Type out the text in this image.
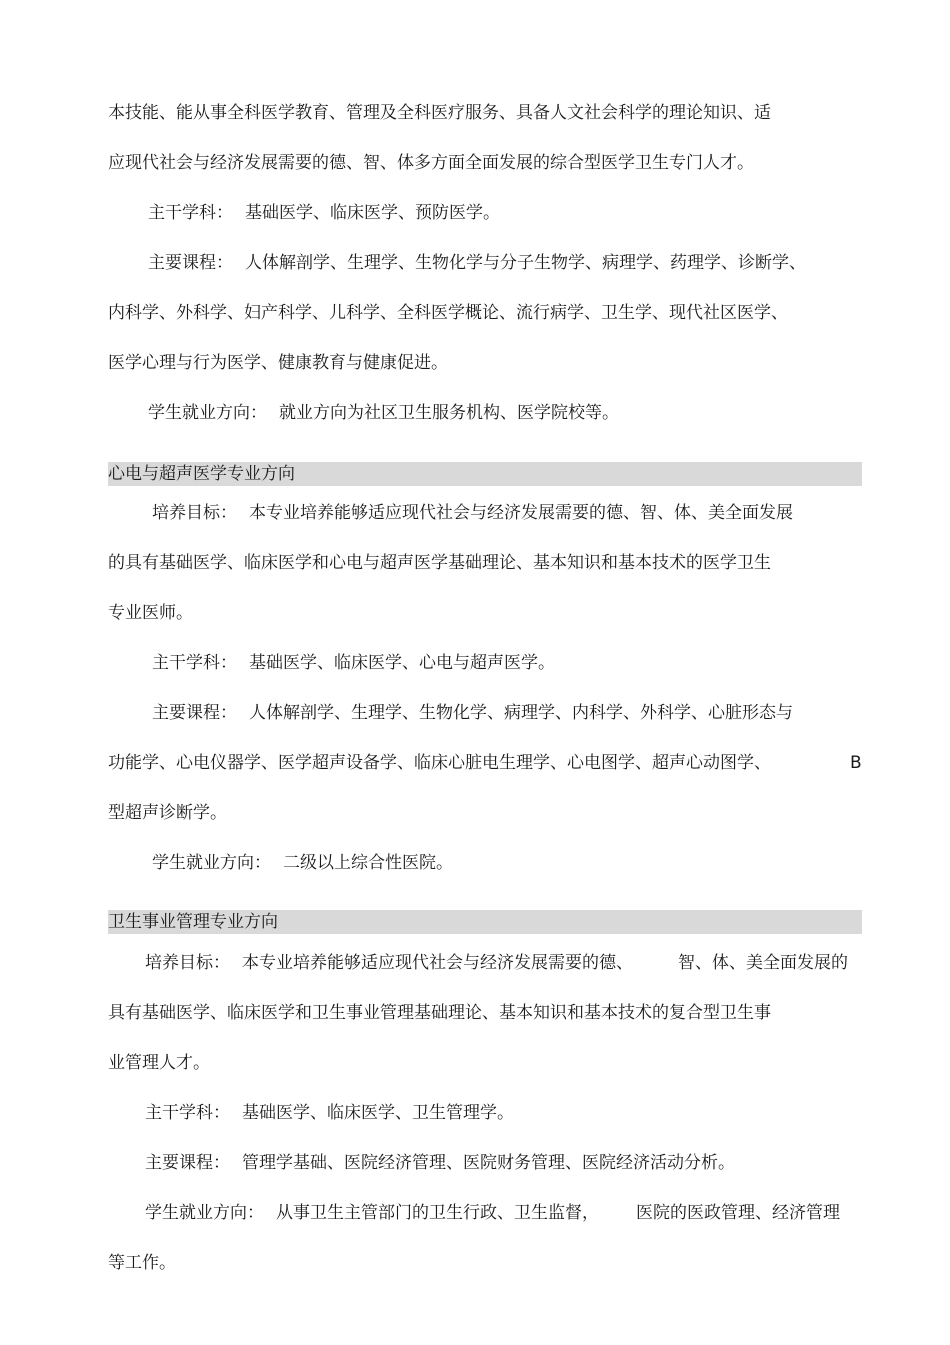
本技能、能从事全科医学教育、管理及全科医疗服务、具备人文社会科学的理论知识、适
应现代社会与经济发展需要的德、智、体多方面全面发展的综合型医学卫生专门人才。
主干学科： 基础医学、临床医学、预防医学。
主要课程： 人体解剖学、生理学、生物化学与分子生物学、病理学、药理学、诊断学、
内科学、外科学、妇产科学、儿科学、全科医学概论、流行病学、卫生学、现代社区医学、
医学心理与行为医学、健康教育与健康促进。
学生就业方向： 就业方向为社区卫生服务机构、医学院校等。
心电与超声医学专业方向
培养目标： 本专业培养能够适应现代社会与经济发展需要的德、智、体、美全面发展
的具有基础医学、临床医学和心电与超声医学基础理论、基本知识和基本技术的医学卫生
专业医师。
主干学科： 基础医学、临床医学、心电与超声医学。
主要课程： 人体解剖学、生理学、生物化学、病理学、内科学、外科学、心脏形态与
功能学、心电仪器学、医学超声设备学、临床心脏电生理学、心电图学、超声心动图学、	B
型超声诊断学。
学生就业方向： 二级以上综合性医院。
卫生事业管理专业方向
培养目标： 本专业培养能够适应现代社会与经济发展需要的德、	智、体、美全面发展的
具有基础医学、临床医学和卫生事业管理基础理论、基本知识和基本技术的复合型卫生事
业管理人才。
主干学科： 基础医学、临床医学、卫生管理学。
主要课程： 管理学基础、医院经济管理、医院财务管理、医院经济活动分析。
学生就业方向： 从事卫生主管部门的卫生行政、卫生监督， 医院的医政管理、经济管理
等工作。
